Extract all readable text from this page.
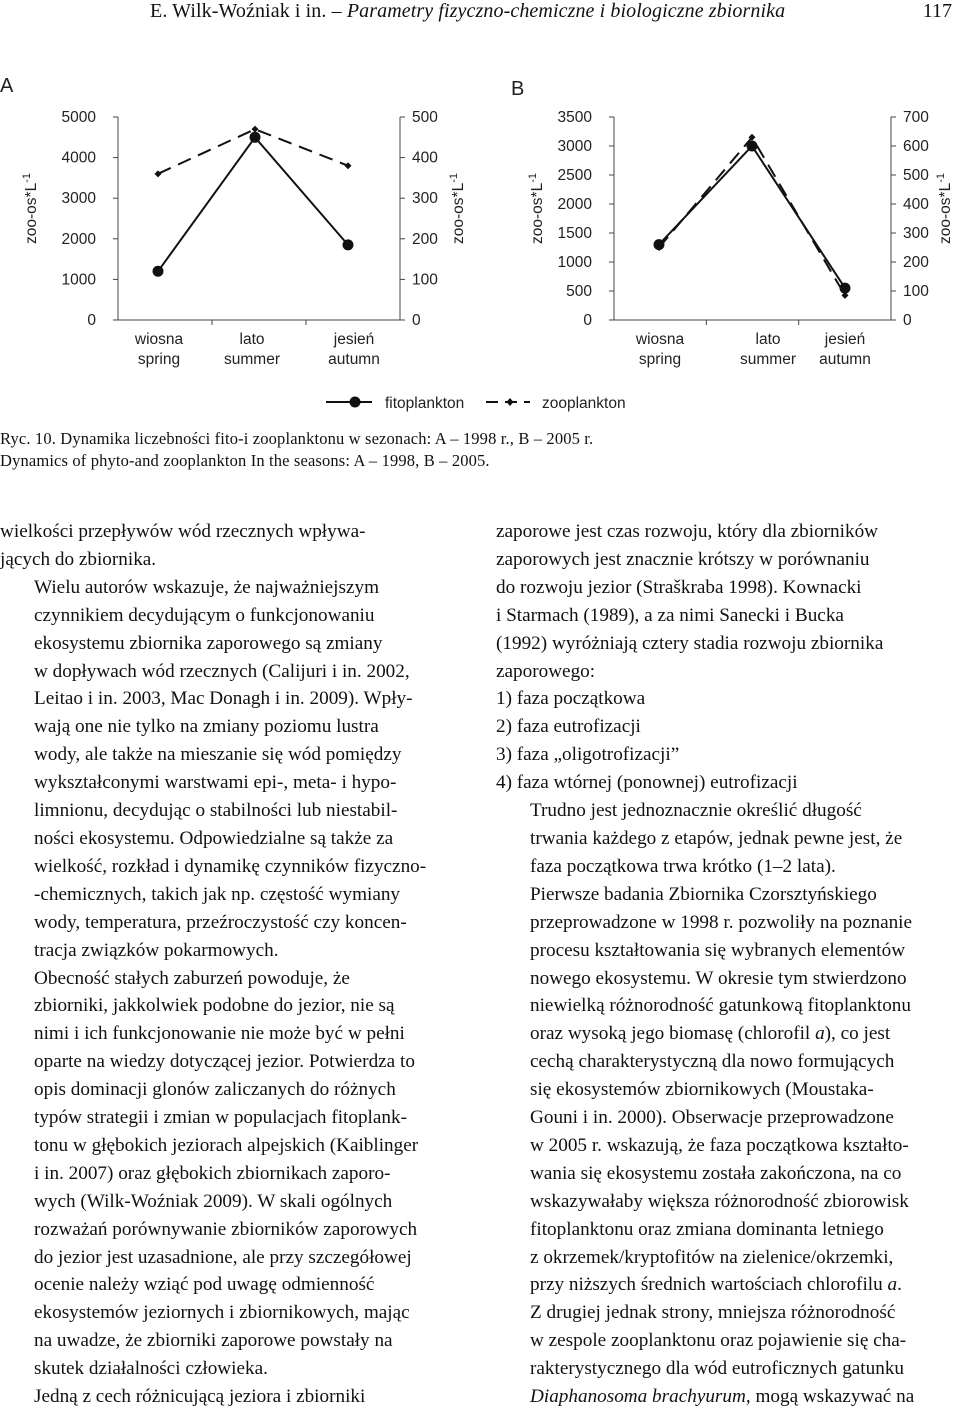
E. Wilk-Woźniak i in. – Parametry fizyczno-chemiczne i biologiczne zbiornika	117
A
0
1000
2000
3000
4000
5000
0
100
200
300
400
500
wiosna
spring
lato
summer
jesień
autumn
zoo-$os*L^{-1}$
zoo-$os*L^{-1}$
B
0
500
1000
1500
2000
2500
3000
3500
0
100
200
300
400
500
600
700
wiosna
spring
lato
summer
jesień
autumn
zoo-$os*L^{-1}$
zoo-$os*L^{-1}$
fitoplankton	zooplankton
Ryc. 10. Dynamika liczebności fito-i zooplanktonu w sezonach: A – 1998 r., B – 2005 r.
Dynamics of phyto-and zooplankton In the seasons: A – 1998, B – 2005.

wielkości przepływów wód rzecznych wpływa-
jących do zbiornika.

Wielu autorów wskazuje, że najważniejszym
czynnikiem decydującym o funkcjonowaniu
ekosystemu zbiornika zaporowego są zmiany
w dopływach wód rzecznych (Calijuri i in. 2002,
Leitao i in. 2003, Mac Donagh i in. 2009). Wpły-
wają one nie tylko na zmiany poziomu lustra
wody, ale także na mieszanie się wód pomiędzy
wykształconymi warstwami epi-, meta- i hypo-
limnionu, decydując o stabilności lub niestabil-
ności ekosystemu. Odpowiedzialne są także za
wielkość, rozkład i dynamikę czynników fizyczno-
-chemicznych, takich jak np. częstość wymiany
wody, temperatura, przeźroczystość czy koncen-
tracja związków pokarmowych.

Obecność stałych zaburzeń powoduje, że
zbiorniki, jakkolwiek podobne do jezior, nie są
nimi i ich funkcjonowanie nie może być w pełni
oparte na wiedzy dotyczącej jezior. Potwierdza to
opis dominacji glonów zaliczanych do różnych
typów strategii i zmian w populacjach fitoplank-
tonu w głębokich jeziorach alpejskich (Kaiblinger
i in. 2007) oraz głębokich zbiornikach zaporo-
wych (Wilk-Woźniak 2009). W skali ogólnych
rozważań porównywanie zbiorników zaporowych
do jezior jest uzasadnione, ale przy szczegółowej
ocenie należy wziąć pod uwagę odmienność
ekosystemów jeziornych i zbiornikowych, mając
na uwadze, że zbiorniki zaporowe powstały na
skutek działalności człowieka.

Jedną z cech różnicującą jeziora i zbiorniki

zaporowe jest czas rozwoju, który dla zbiorników
zaporowych jest znacznie krótszy w porównaniu
do rozwoju jezior (Straškraba 1998). Kownacki
i Starmach (1989), a za nimi Sanecki i Bucka
(1992) wyróżniają cztery stadia rozwoju zbiornika
zaporowego:

1) faza początkowa
2) faza eutrofizacji
3) faza „oligotrofizacji”
4) faza wtórnej (ponownej) eutrofizacji

Trudno jest jednoznacznie określić długość
trwania każdego z etapów, jednak pewne jest, że
faza początkowa trwa krótko (1–2 lata).

Pierwsze badania Zbiornika Czorsztyńskiego
przeprowadzone w 1998 r. pozwoliły na poznanie
procesu kształtowania się wybranych elementów
nowego ekosystemu. W okresie tym stwierdzono
niewielką różnorodność gatunkową fitoplanktonu
oraz wysoką jego biomasę (chlorofil a), co jest
cechą charakterystyczną dla nowo formujących
się ekosystemów zbiornikowych (Moustaka-
Gouni i in. 2000). Obserwacje przeprowadzone
w 2005 r. wskazują, że faza początkowa kształto-
wania się ekosystemu została zakończona, na co
wskazywałaby większa różnorodność zbiorowisk
fitoplanktonu oraz zmiana dominanta letniego
z okrzemek/kryptofitów na zielenice/okrzemki,
przy niższych średnich wartościach chlorofilu a.
Z drugiej jednak strony, mniejsza różnorodność
w zespole zooplanktonu oraz pojawienie się cha-
rakterystycznego dla wód eutroficznych gatunku
Diaphanosoma brachyurum, mogą wskazywać na
